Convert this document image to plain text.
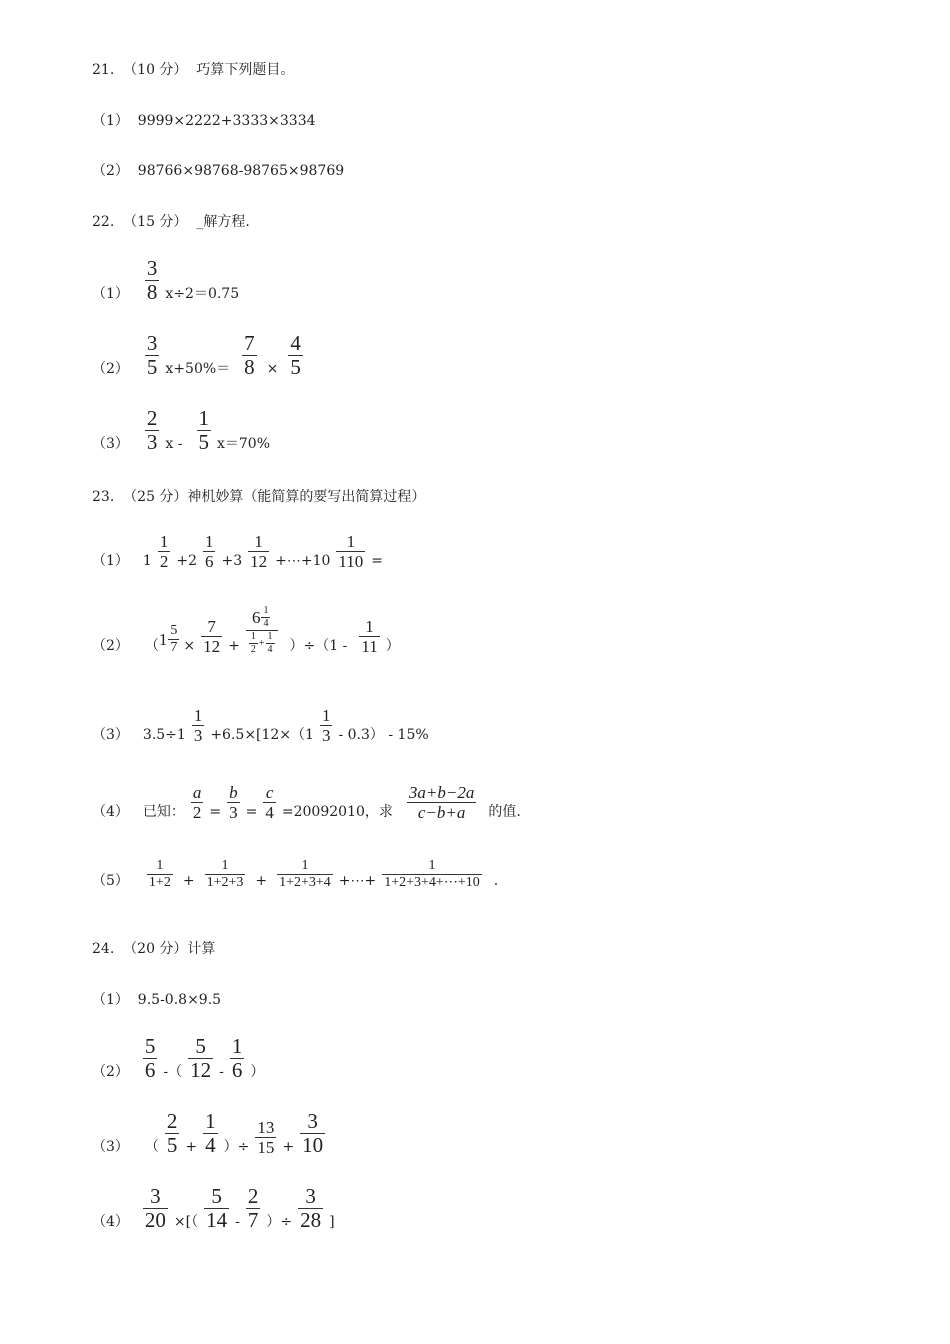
21.  （10 分）  巧算下列题目。
（1）  9999×2222+3333×3334
（2）  98766×98768-98765×98769
22.  （15 分）  _解方程.
$(1) \frac{3}{8} x\div 2=0.75$
$(2) \frac{3}{5} x+50\%= \frac{7}{8} \times \frac{4}{5}$
$(3) \frac{2}{3}$ $x - \frac{1}{5} x=70\%$
23.  （25 分）神机妙算（能简算的要写出简算过程）
（1） $1 \frac{1}{2} +2 \frac{1}{6} +3 \frac{1}{12}$ +⋯+10 $\frac{1}{110}$ =
（2） （ $1 \frac{5}{7} \times \frac{7}{12}$ +
$6 \frac{1}{4}$
$\frac{1}{2} + \frac{1}{4} )\div(1 - \frac{1}{11}$ ）
（3） $3.5\div 1 \frac{1}{3} +6.5\times[12\times(1 \frac{1}{3} - 0.3) - 15\%$
（4） 已知： $\frac{a}{2} = \frac{b}{3} = \frac{c}{4} =20092010$，求 $\frac{3a+b-2a}{c-b+a}$ 的值.
$(5) \frac{1}{1+2} + \frac{1}{1+2+3} + \frac{1}{1+2+3+4}$ +⋯+ $\frac{1}{1+2+3+4+\cdots+10}$ .
24.  （20 分）计算
（1）  9.5-0.8×9.5
$(2) \frac{5}{6}$ -（ $\frac{5}{12} - \frac{1}{6}$ ）
（3） （ $\frac{2}{5} + \frac{1}{4}$ ）÷ $\frac{13}{15} + \frac{3}{10}$
$(4) \frac{3}{20}$ ×[（ $\frac{5}{14} - \frac{2}{7}$ ）÷ $\frac{3}{28}$ ]
